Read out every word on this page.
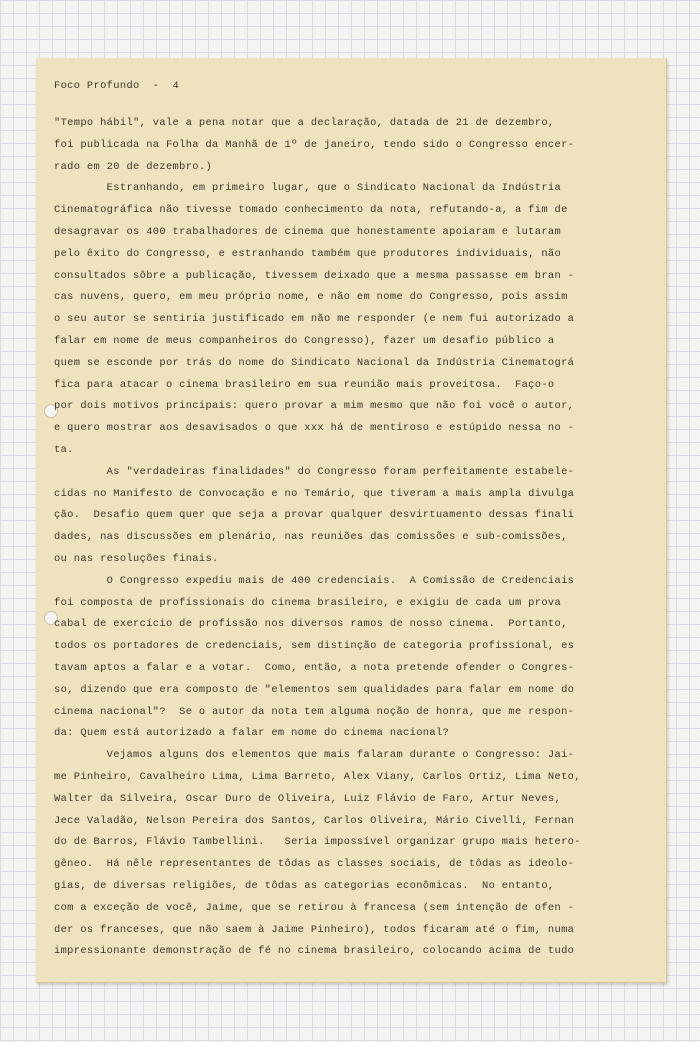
Foco Profundo  -  4
"Tempo hábil", vale a pena notar que a declaração, datada de 21 de dezembro,
foi publicada na Folha da Manhã de 1º de janeiro, tendo sido o Congresso encer-
rado em 20 de dezembro.)
Estranhando, em primeiro lugar, que o Sindicato Nacional da Indústria
Cinematográfica não tivesse tomado conhecimento da nota, refutando-a, a fim de
desagravar os 400 trabalhadores de cinema que honestamente apoiaram e lutaram
pelo êxito do Congresso, e estranhando também que produtores individuais, não
consultados sôbre a publicação, tivessem deixado que a mesma passasse em bran -
cas nuvens, quero, em meu próprio nome, e não em nome do Congresso, pois assim
o seu autor se sentiria justificado em não me responder (e nem fui autorizado a
falar em nome de meus companheiros do Congresso), fazer um desafio público a
quem se esconde por trás do nome do Sindicato Nacional da Indústria Cinematográ
fica para atacar o cinema brasileiro em sua reunião mais proveitosa.  Faço-o
por dois motivos principais: quero provar a mim mesmo que não foi você o autor,
e quero mostrar aos desavisados o que xxx há de mentiroso e estúpido nessa no -
ta.
As "verdadeiras finalidades" do Congresso foram perfeitamente estabele-
cidas no Manifesto de Convocação e no Temário, que tiveram a mais ampla divulga
ção.  Desafio quem quer que seja a provar qualquer desvirtuamento dessas finali
dades, nas discussões em plenário, nas reuniões das comissões e sub-comissões,
ou nas resoluções finais.
O Congresso expediu mais de 400 credenciais.  A Comissão de Credenciais
foi composta de profissionais do cinema brasileiro, e exigiu de cada um prova
cabal de exercício de profissão nos diversos ramos de nosso cinema.  Portanto,
todos os portadores de credenciais, sem distinção de categoria profissional, es
tavam aptos a falar e a votar.  Como, então, a nota pretende ofender o Congres-
so, dizendo que era composto de "elementos sem qualidades para falar em nome do
cinema nacional"?  Se o autor da nota tem alguma noção de honra, que me respon-
da: Quem está autorizado a falar em nome do cinema nacional?
Vejamos alguns dos elementos que mais falaram durante o Congresso: Jai-
me Pinheiro, Cavalheiro Lima, Lima Barreto, Alex Viany, Carlos Ortiz, Lima Neto,
Walter da Silveira, Oscar Duro de Oliveira, Luiz Flávio de Faro, Artur Neves,
Jece Valadão, Nelson Pereira dos Santos, Carlos Oliveira, Mário Civelli, Fernan
do de Barros, Flávio Tambellini.   Seria impossível organizar grupo mais hetero-
gêneo.  Há nêle representantes de tôdas as classes sociais, de tôdas as ideolo-
gias, de diversas religiões, de tôdas as categorias econômicas.  No entanto,
com a exceção de você, Jaime, que se retirou à francesa (sem intenção de ofen -
der os franceses, que não saem à Jaime Pinheiro), todos ficaram até o fim, numa
impressionante demonstração de fé no cinema brasileiro, colocando acima de tudo
